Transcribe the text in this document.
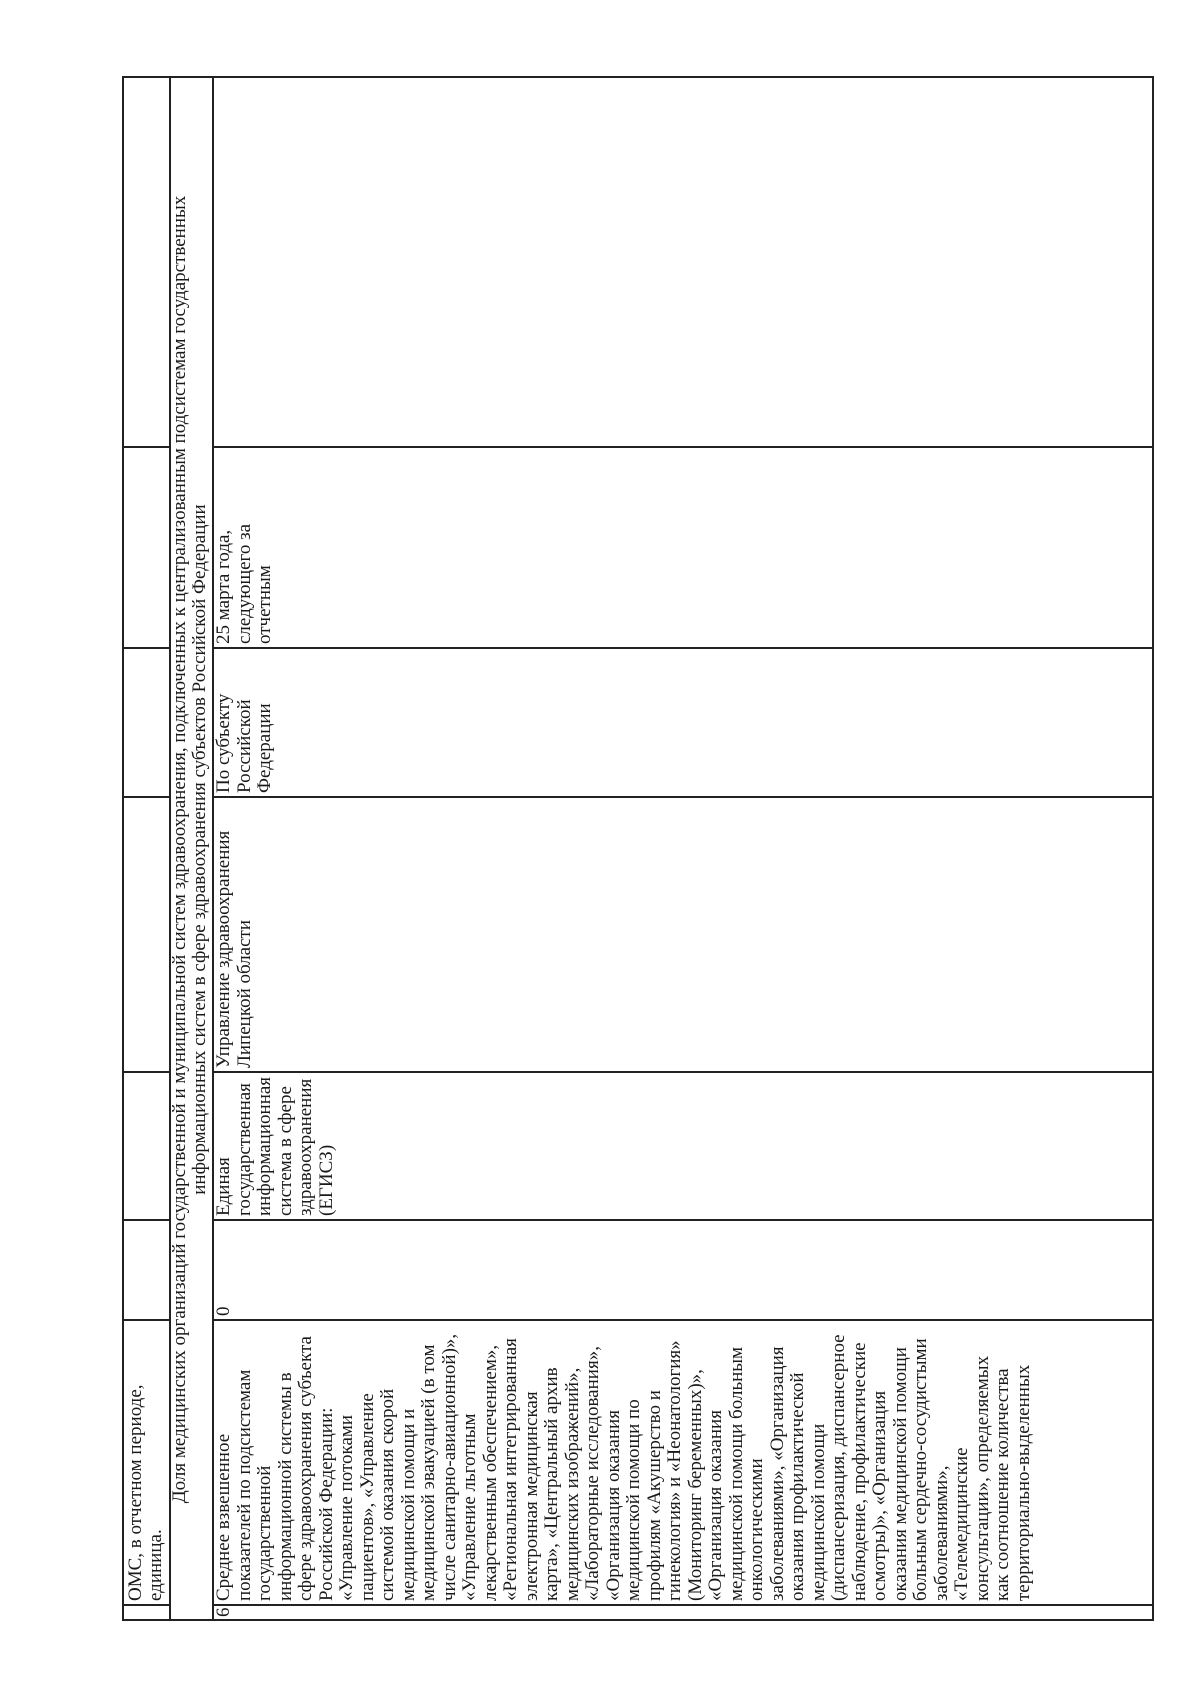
ОМС, в отчетном периоде, единица.
Доля медицинских организаций государственной и муниципальной систем здравоохранения, подключенных к централизованным подсистемам государственных информационных систем в сфере здравоохранения субъектов Российской Федерации
6
Среднее взвешенное показателей по подсистемам государственной информационной системы в сфере здравоохранения субъекта Российской Федерации: «Управление потоками пациентов», «Управление системой оказания скорой медицинской помощи и медицинской эвакуацией (в том числе санитарно-авиационной)», «Управление льготным лекарственным обеспечением», «Региональная интегрированная электронная медицинская карта», «Центральный архив медицинских изображений», «Лабораторные исследования», «Организация оказания медицинской помощи по профилям «Акушерство и гинекология» и «Неонатология» (Мониторинг беременных)», «Организация оказания медицинской помощи больным онкологическими заболеваниями», «Организация оказания профилактической медицинской помощи (диспансеризация, диспансерное наблюдение, профилактические осмотры)», «Организация оказания медицинской помощи больным сердечно-сосудистыми заболеваниями», «Телемедицинские консультации», определяемых как соотношение количества территориально-выделенных
0
Единая государственная информационная система в сфере здравоохранения (ЕГИСЗ)
Управление здравоохранения Липецкой области
По субъекту Российской Федерации
25 марта года, следующего за отчетным
